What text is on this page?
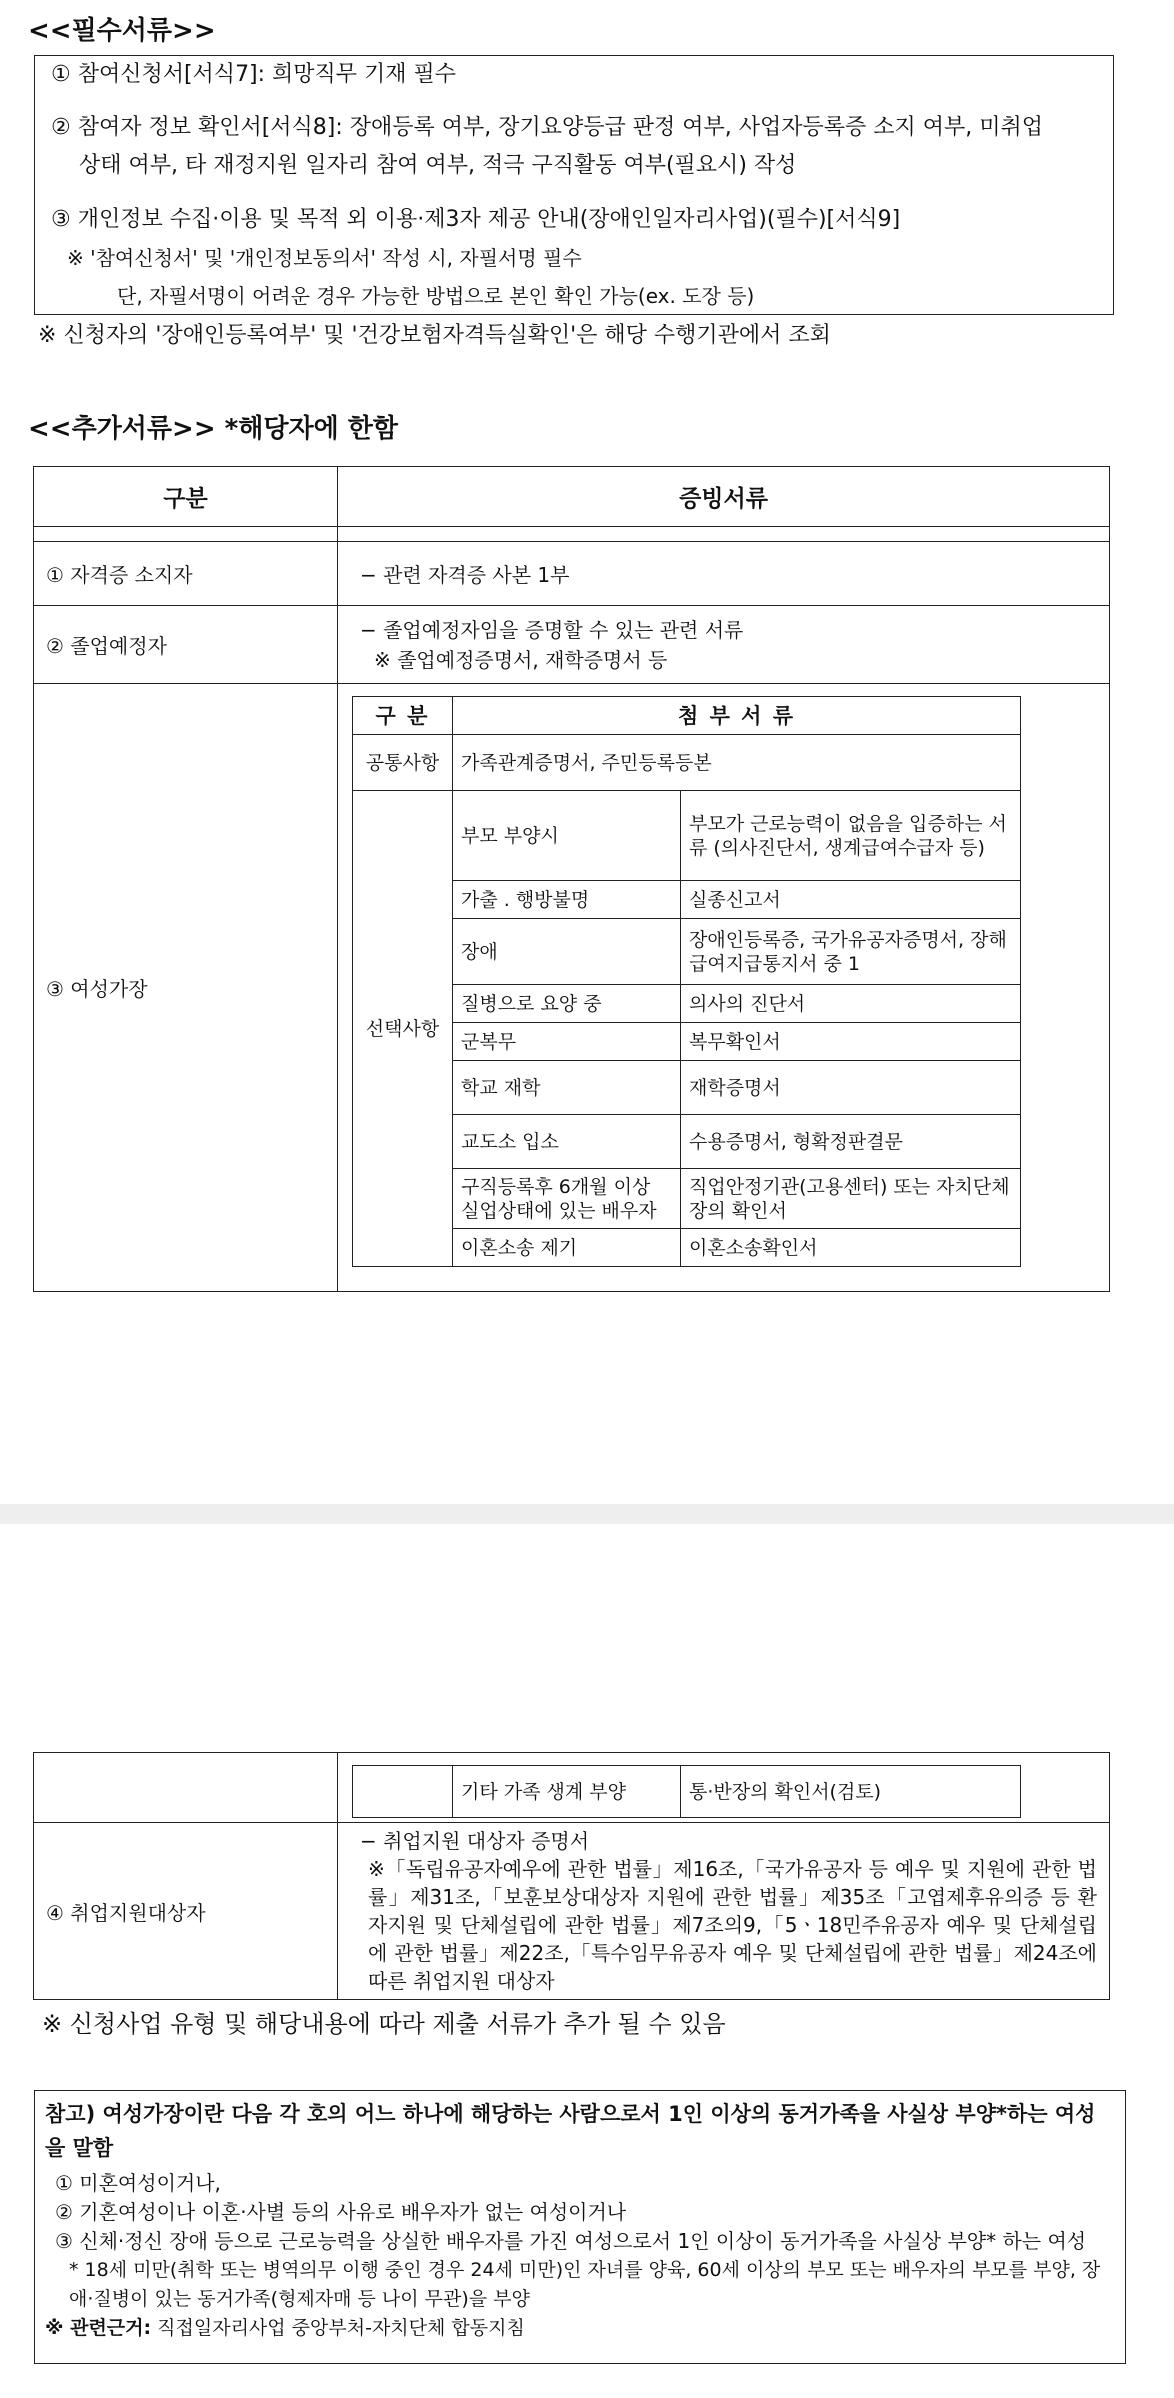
<<필수서류>>
① 참여신청서[서식7]: 희망직무 기재 필수
② 참여자 정보 확인서[서식8]: 장애등록 여부, 장기요양등급 판정 여부, 사업자등록증 소지 여부, 미취업
상태 여부, 타 재정지원 일자리 참여 여부, 적극 구직활동 여부(필요시) 작성
③ 개인정보 수집·이용 및 목적 외 이용·제3자 제공 안내(장애인일자리사업)(필수)[서식9]
※ '참여신청서' 및 '개인정보동의서' 작성 시, 자필서명 필수
단, 자필서명이 어려운 경우 가능한 방법으로 본인 확인 가능(ex. 도장 등)
※ 신청자의 '장애인등록여부' 및 '건강보험자격득실확인'은 해당 수행기관에서 조회
<<추가서류>> *해당자에 한함
구분	증빙서류

① 자격증 소지자	− 관련 자격증 사본 1부
② 졸업예정자	
− 졸업예정자임을 증명할 수 있는 관련 서류
※ 졸업예정증명서, 재학증명서 등

③ 여성가장	
구 분	첨 부 서 류
공통사항	가족관계증명서, 주민등록등본
선택사항	부모 부양시	부모가 근로능력이 없음을 입증하는 서류 (의사진단서, 생계급여수급자 등)
가출 . 행방불명	실종신고서
장애	장애인등록증, 국가유공자증명서, 장해급여지급통지서 중 1
질병으로 요양 중	의사의 진단서
군복무	복무확인서
학교 재학	재학증명서
교도소 입소	수용증명서, 형확정판결문
구직등록후 6개월 이상 실업상태에 있는 배우자	직업안정기관(고용센터) 또는 자치단체 장의 확인서
이혼소송 제기	이혼소송확인서

	기타 가족 생계 부양	통·반장의 확인서(검토)

④ 취업지원대상자	
− 취업지원 대상자 증명서
※「독립유공자예우에 관한 법률」제16조,「국가유공자 등 예우 및 지원에 관한 법률」제31조,「보훈보상대상자 지원에 관한 법률」제35조「고엽제후유의증 등 환자지원 및 단체설립에 관한 법률」제7조의9,「5ㆍ18민주유공자 예우 및 단체설립에 관한 법률」제22조,「특수임무유공자 예우 및 단체설립에 관한 법률」제24조에 따른 취업지원 대상자
※ 신청사업 유형 및 해당내용에 따라 제출 서류가 추가 될 수 있음
참고) 여성가장이란 다음 각 호의 어느 하나에 해당하는 사람으로서 1인 이상의 동거가족을 사실상 부양*하는 여성을 말함
① 미혼여성이거나,
② 기혼여성이나 이혼·사별 등의 사유로 배우자가 없는 여성이거나
③ 신체·정신 장애 등으로 근로능력을 상실한 배우자를 가진 여성으로서 1인 이상이 동거가족을 사실상 부양* 하는 여성
* 18세 미만(취학 또는 병역의무 이행 중인 경우 24세 미만)인 자녀를 양육, 60세 이상의 부모 또는 배우자의 부모를 부양, 장애·질병이 있는 동거가족(형제자매 등 나이 무관)을 부양
※ 관련근거: 직접일자리사업 중앙부처-자치단체 합동지침
